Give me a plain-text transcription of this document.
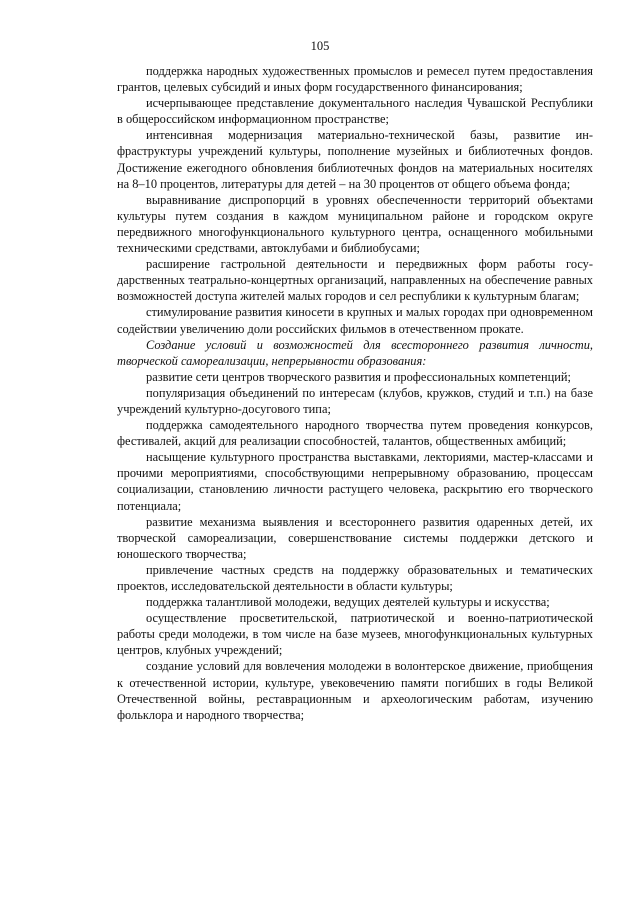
105

поддержка народных художественных промыслов и ремесел путем предоставления грантов, целевых субсидий и иных форм государственного финансирования;

исчерпывающее представление документального наследия Чувашской Республики в общероссийском информационном пространстве;

интенсивная модернизация материально-технической базы, развитие инфраструктуры учреждений культуры, пополнение музейных и библиотечных фондов. Достижение ежегодного обновления библиотечных фондов на материальных носителях на 8–10 процентов, литературы для детей – на 30 процентов от общего объема фонда;

выравнивание диспропорций в уровнях обеспеченности территорий объектами культуры путем создания в каждом муниципальном районе и городском округе передвижного многофункционального культурного центра, оснащенного мобильными техническими средствами, автоклубами и библиобусами;

расширение гастрольной деятельности и передвижных форм работы государственных театрально-концертных организаций, направленных на обеспечение равных возможностей доступа жителей малых городов и сел республики к культурным благам;

стимулирование развития киносети в крупных и малых городах при одновременном содействии увеличению доли российских фильмов в отечественном прокате.

Создание условий и возможностей для всестороннего развития личности, творческой самореализации, непрерывности образования:

развитие сети центров творческого развития и профессиональных компетенций;

популяризация объединений по интересам (клубов, кружков, студий и т.п.) на базе учреждений культурно-досугового типа;

поддержка самодеятельного народного творчества путем проведения конкурсов, фестивалей, акций для реализации способностей, талантов, общественных амбиций;

насыщение культурного пространства выставками, лекториями, мастер-классами и прочими мероприятиями, способствующими непрерывному образованию, процессам социализации, становлению личности растущего человека, раскрытию его творческого потенциала;

развитие механизма выявления и всестороннего развития одаренных детей, их творческой самореализации, совершенствование системы поддержки детского и юношеского творчества;

привлечение частных средств на поддержку образовательных и тематических проектов, исследовательской деятельности в области культуры;

поддержка талантливой молодежи, ведущих деятелей культуры и искусства;

осуществление просветительской, патриотической и военно-патриотической работы среди молодежи, в том числе на базе музеев, многофункциональных культурных центров, клубных учреждений;

создание условий для вовлечения молодежи в волонтерское движение, приобщения к отечественной истории, культуре, увековечению памяти погибших в годы Великой Отечественной войны, реставрационным и археологическим работам, изучению фольклора и народного творчества;
